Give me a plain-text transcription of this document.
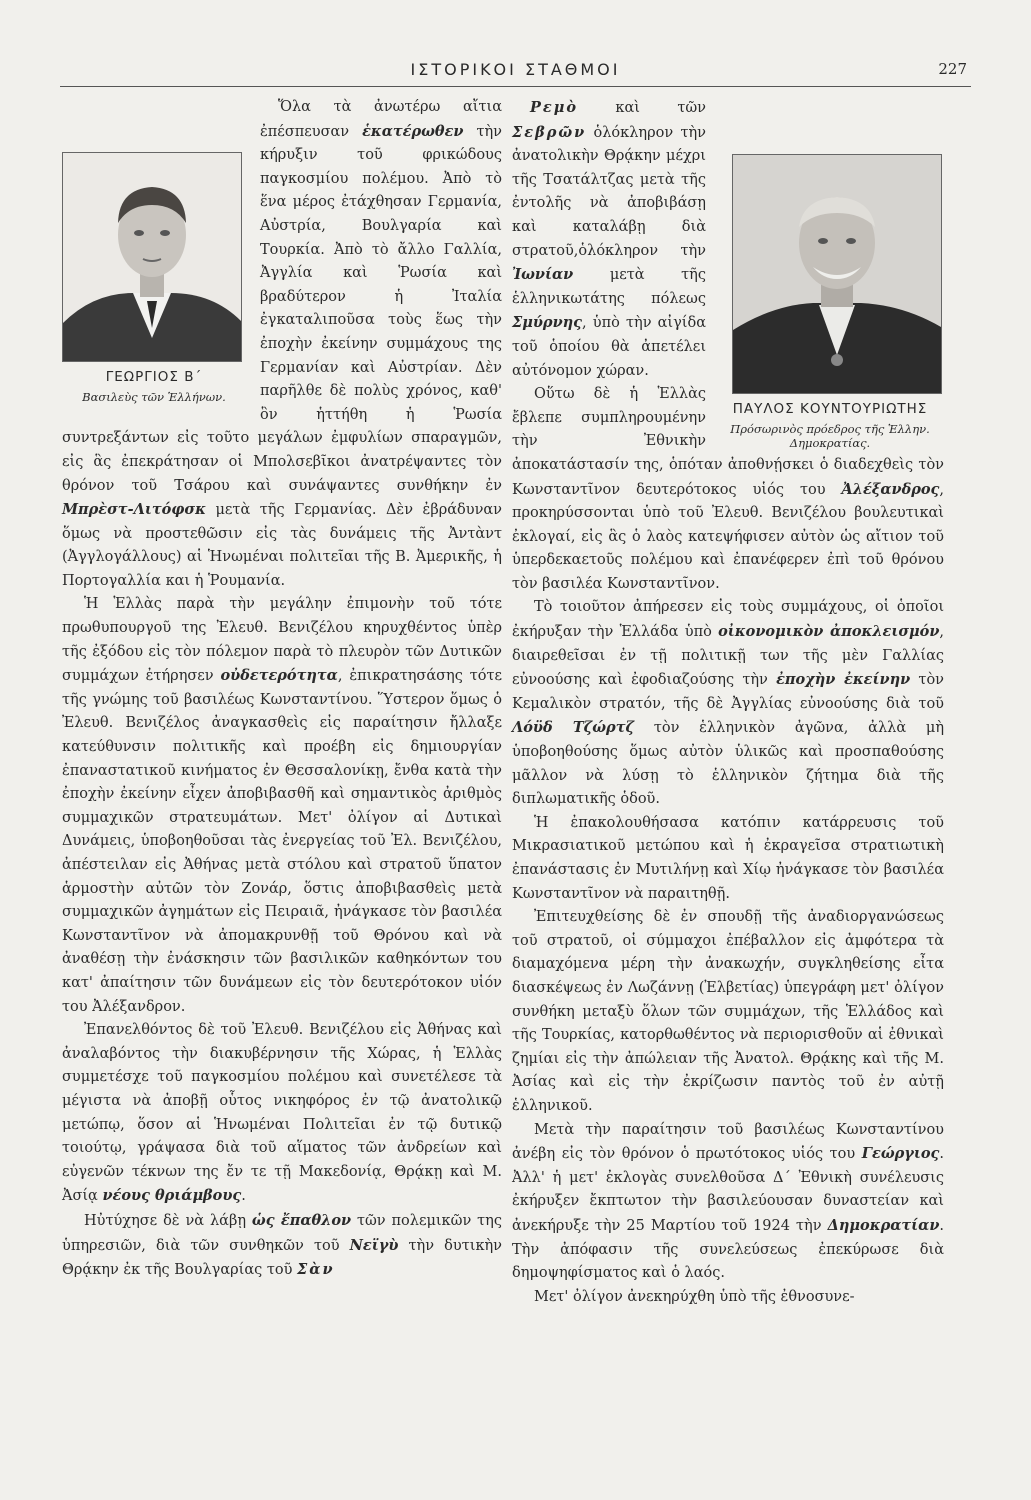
ΙΣΤΟΡΙΚΟΙ ΣΤΑΘΜΟΙ	227

ΓΕΩΡΓΙΟΣ Β΄
Βασιλεὺς τῶν Ἑλλήνων.
Ὅλα τὰ ἀνωτέρω αἴτια ἐπέσπευσαν ἑκατέρωθεν τὴν κήρυξιν τοῦ φρικώδους παγκοσμίου πολέμου. Ἀπὸ τὸ ἕνα μέρος ἐτάχθησαν Γερμανία, Αὐστρία, Βουλγαρία καὶ Τουρκία. Ἀπὸ τὸ ἄλλο Γαλλία, Ἀγγλία καὶ Ῥωσία καὶ βραδύτερον ἡ Ἰταλία ἐγκαταλιποῦσα τοὺς ἕως τὴν ἐποχὴν ἐκείνην συμμάχους της Γερμανίαν καὶ Αὐστρίαν. Δὲν παρῆλθε δὲ πολὺς χρόνος, καθ' ὃν ἡττήθη ἡ Ῥωσία συντρεξάντων εἰς τοῦτο μεγάλων ἐμφυλίων σπαραγμῶν, εἰς ἃς ἐπεκράτησαν οἱ Μπολσεβῖκοι ἀνατρέψαντες τὸν θρόνον τοῦ Τσάρου καὶ συνάψαντες συνθήκην ἐν Μπρὲστ-Λιτόφσκ μετὰ τῆς Γερμανίας. Δὲν ἐβράδυναν ὅμως νὰ προστεθῶσιν εἰς τὰς δυνάμεις τῆς Ἀντὰντ (Ἀγγλογάλλους) αἱ Ἡνωμέναι πολιτεῖαι τῆς Β. Ἀμερικῆς, ἡ Πορτογαλλία και ἡ Ῥουμανία.

Ἡ Ἑλλὰς παρὰ τὴν μεγάλην ἐπιμονὴν τοῦ τότε πρωθυπουργοῦ της Ἐλευθ. Βενιζέλου κηρυχθέντος ὑπὲρ τῆς ἐξόδου εἰς τὸν πόλεμον παρὰ τὸ πλευρὸν τῶν Δυτικῶν συμμάχων ἐτήρησεν οὐδετερότητα, ἐπικρατησάσης τότε τῆς γνώμης τοῦ βασιλέως Κωνσταντίνου. Ὕστερον ὅμως ὁ Ἐλευθ. Βενιζέλος ἀναγκασθεὶς εἰς παραίτησιν ἤλλαξε κατεύθυνσιν πολιτικῆς καὶ προέβη εἰς δημιουργίαν ἐπαναστατικοῦ κινήματος ἐν Θεσσαλονίκῃ, ἔνθα κατὰ τὴν ἐποχὴν ἐκείνην εἶχεν ἀποβιβασθῆ καὶ σημαντικὸς ἀριθμὸς συμμαχικῶν στρατευμάτων. Μετ' ὀλίγον αἱ Δυτικαὶ Δυνάμεις, ὑποβοηθοῦσαι τὰς ἐνεργείας τοῦ Ἐλ. Βενιζέλου, ἀπέστειλαν εἰς Ἀθήνας μετὰ στόλου καὶ στρατοῦ ὕπατον ἁρμοστὴν αὐτῶν τὸν Ζονάρ, ὅστις ἀποβιβασθεὶς μετὰ συμμαχικῶν ἀγημάτων εἰς Πειραιᾶ, ἠνάγκασε τὸν βασιλέα Κωνσταντῖνον νὰ ἀπομακρυνθῇ τοῦ Θρόνου καὶ νὰ ἀναθέσῃ τὴν ἐνάσκησιν τῶν βασιλικῶν καθηκόντων του κατ' ἀπαίτησιν τῶν δυνάμεων εἰς τὸν δευτερότοκον υἱόν του Ἀλέξανδρον.

Ἐπανελθόντος δὲ τοῦ Ἐλευθ. Βενιζέλου εἰς Ἀθήνας καὶ ἀναλαβόντος τὴν διακυβέρνησιν τῆς Χώρας, ἡ Ἑλλὰς συμμετέσχε τοῦ παγκοσμίου πολέμου καὶ συνετέλεσε τὰ μέγιστα νὰ ἀποβῇ οὗτος νικηφόρος ἐν τῷ ἀνατολικῷ μετώπῳ, ὅσον αἱ Ἡνωμέναι Πολιτεῖαι ἐν τῷ δυτικῷ τοιούτῳ, γράψασα διὰ τοῦ αἵματος τῶν ἀνδρείων καὶ εὐγενῶν τέκνων της ἔν τε τῇ Μακεδονίᾳ, Θρᾴκῃ καὶ Μ. Ἀσίᾳ νέους θριάμβους.

Ηὐτύχησε δὲ νὰ λάβῃ ὡς ἔπαθλον τῶν πολεμικῶν της ὑπηρεσιῶν, διὰ τῶν συνθηκῶν τοῦ Νεϊγὺ τὴν δυτικὴν Θρᾴκην ἐκ τῆς Βουλγαρίας τοῦ Σὰν

ΠΑΥΛΟΣ ΚΟΥΝΤΟΥΡΙΩΤΗΣ
Πρόσωρινὸς πρόεδρος τῆς Ἑλλην. Δημοκρατίας.
Ρεμὸ καὶ τῶν Σεβρῶν ὁλόκληρον τὴν ἀνατολικὴν Θρᾴκην μέχρι τῆς Τσατάλτζας μετὰ τῆς ἐντολῆς νὰ ἀποβιβάσῃ καὶ καταλάβῃ διὰ στρατοῦ,ὁλόκληρον τὴν Ἰωνίαν μετὰ τῆς ἑλληνικωτάτης πόλεως Σμύρνης, ὑπὸ τὴν αἰγίδα τοῦ ὁποίου θὰ ἀπετέλει αὐτόνομον χώραν.

Οὕτω δὲ ἡ Ἑλλὰς ἔβλεπε συμπληρουμένην τὴν Ἐθνικὴν ἀποκατάστασίν της, ὁπόταν ἀποθνῄσκει ὁ διαδεχθεὶς τὸν Κωνσταντῖνον δευτερότοκος υἱός του Ἀλέξανδρος, προκηρύσσονται ὑπὸ τοῦ Ἐλευθ. Βενιζέλου βουλευτικαὶ ἐκλογαί, εἰς ἃς ὁ λαὸς κατεψήφισεν αὐτὸν ὡς αἴτιον τοῦ ὑπερδεκαετοῦς πολέμου καὶ ἐπανέφερεν ἐπὶ τοῦ θρόνου τὸν βασιλέα Κωνσταντῖνον.

Τὸ τοιοῦτον ἀπήρεσεν εἰς τοὺς συμμάχους, οἱ ὁποῖοι ἐκήρυξαν τὴν Ἑλλάδα ὑπὸ οἰκονομικὸν ἀποκλεισμόν, διαιρεθεῖσαι ἐν τῇ πολιτικῇ των τῆς μὲν Γαλλίας εὐνοούσης καὶ ἐφοδιαζούσης τὴν ἐποχὴν ἐκείνην τὸν Κεμαλικὸν στρατόν, τῆς δὲ Ἀγγλίας εὐνοούσης διὰ τοῦ Λόϋδ Τζώρτζ τὸν ἑλληνικὸν ἀγῶνα, ἀλλὰ μὴ ὑποβοηθούσης ὅμως αὐτὸν ὑλικῶς καὶ προσπαθούσης μᾶλλον νὰ λύσῃ τὸ ἑλληνικὸν ζήτημα διὰ τῆς διπλωματικῆς ὁδοῦ.

Ἡ ἐπακολουθήσασα κατόπιν κατάρρευσις τοῦ Μικρασιατικοῦ μετώπου καὶ ἡ ἐκραγεῖσα στρατιωτικὴ ἐπανάστασις ἐν Μυτιλήνῃ καὶ Χίῳ ἠνάγκασε τὸν βασιλέα Κωνσταντῖνον νὰ παραιτηθῇ.

Ἐπιτευχθείσης δὲ ἐν σπουδῇ τῆς ἀναδιοργανώσεως τοῦ στρατοῦ, οἱ σύμμαχοι ἐπέβαλλον εἰς ἀμφότερα τὰ διαμαχόμενα μέρη τὴν ἀνακωχήν, συγκληθείσης εἶτα διασκέψεως ἐν Λωζάννῃ (Ἐλβετίας) ὑπεγράφη μετ' ὀλίγον συνθήκη μεταξὺ ὅλων τῶν συμμάχων, τῆς Ἑλλάδος καὶ τῆς Τουρκίας, κατορθωθέντος νὰ περιορισθοῦν αἱ ἐθνικαὶ ζημίαι εἰς τὴν ἀπώλειαν τῆς Ἀνατολ. Θρᾴκης καὶ τῆς Μ. Ἀσίας καὶ εἰς τὴν ἐκρίζωσιν παντὸς τοῦ ἐν αὐτῇ ἑλληνικοῦ.

Μετὰ τὴν παραίτησιν τοῦ βασιλέως Κωνσταντίνου ἀνέβη εἰς τὸν θρόνον ὁ πρωτότοκος υἱός του Γεώργιος. Ἀλλ' ἡ μετ' ἐκλογὰς συνελθοῦσα Δ΄ Ἐθνικὴ συνέλευσις ἐκήρυξεν ἔκπτωτον τὴν βασιλεύουσαν δυναστείαν καὶ ἀνεκήρυξε τὴν 25 Μαρτίου τοῦ 1924 τὴν Δημοκρατίαν. Τὴν ἀπόφασιν τῆς συνελεύσεως ἐπεκύρωσε διὰ δημοψηφίσματος καὶ ὁ λαός.

Μετ' ὀλίγον ἀνεκηρύχθη ὑπὸ τῆς ἐθνοσυνε-
